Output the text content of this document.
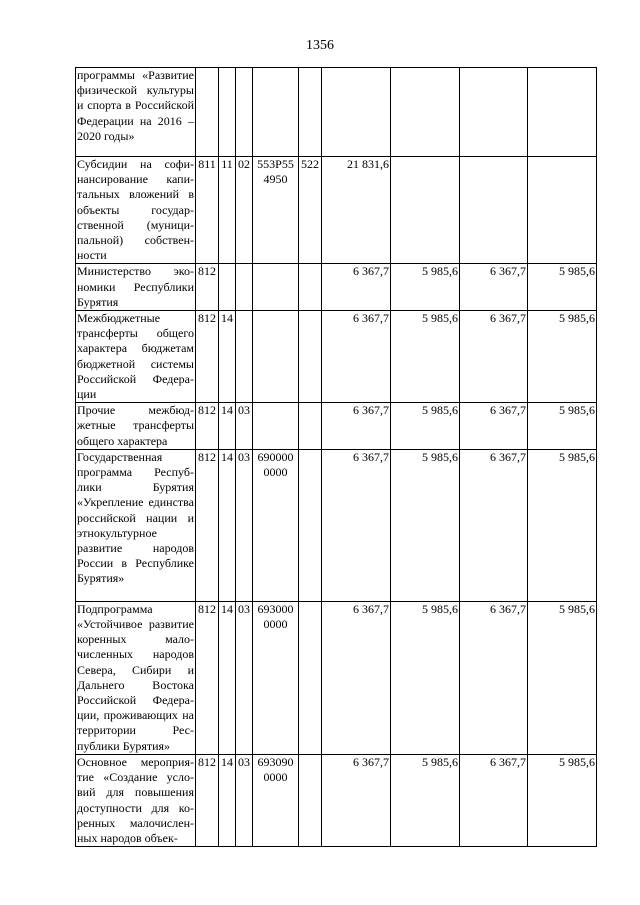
1356
программы «Развитие физической культуры и спорта в Российской Федерации на 2016 – 2020 годы»									
Субсидии на софинансирование капитальных вложений в объекты государственной (муниципальной) собственности	811	11	02	553Р55 4950	522	21 831,6			
Министерство экономики Республики Бурятия	812					6 367,7	5 985,6	6 367,7	5 985,6
Межбюджетные трансферты общего характера бюджетам бюджетной системы Российской Федерации	812	14				6 367,7	5 985,6	6 367,7	5 985,6
Прочие межбюджетные трансферты общего характера	812	14	03			6 367,7	5 985,6	6 367,7	5 985,6
Государственная программа Республики Бурятия «Укрепление единства российской нации и этнокультурное развитие народов России в Республике Бурятия»	812	14	03	690000 0000		6 367,7	5 985,6	6 367,7	5 985,6
Подпрограмма «Устойчивое развитие коренных малочисленных народов Севера, Сибири и Дальнего Востока Российской Федерации, проживающих на территории Республики Бурятия»	812	14	03	693000 0000		6 367,7	5 985,6	6 367,7	5 985,6
Основное мероприятие «Создание условий для повышения доступности для коренных малочисленных народов объек-	812	14	03	693090 0000		6 367,7	5 985,6	6 367,7	5 985,6
